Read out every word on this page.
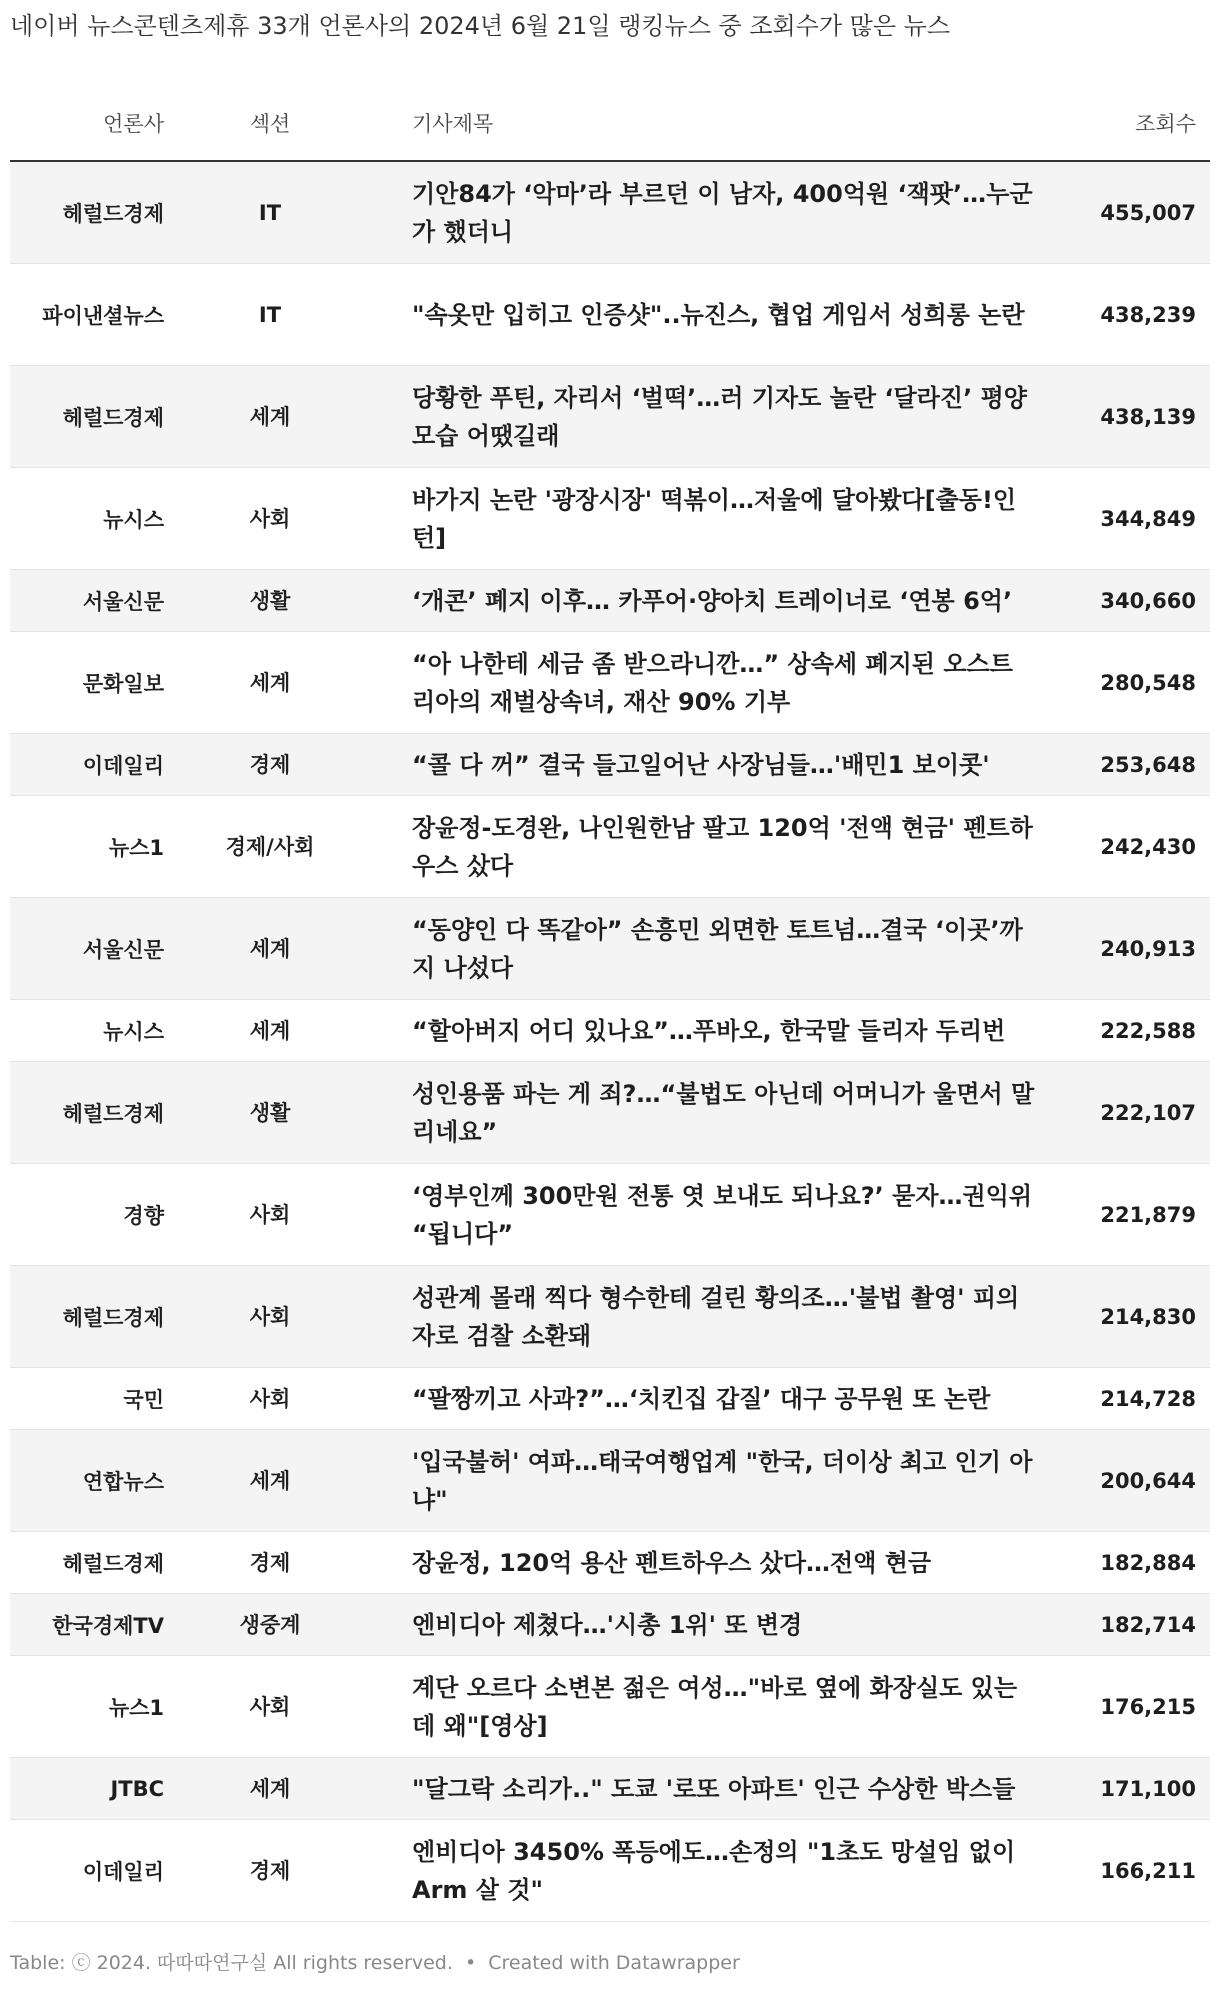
네이버 뉴스콘텐츠제휴 33개 언론사의 2024년 6월 21일 랭킹뉴스 중 조회수가 많은 뉴스
언론사	섹션	기사제목	조회수
헤럴드경제	IT	기안84가 ‘악마’라 부르던 이 남자, 400억원 ‘잭팟’…누군가 했더니	455,007
파이낸셜뉴스	IT	"속옷만 입히고 인증샷"..뉴진스, 협업 게임서 성희롱 논란	438,239
헤럴드경제	세계	당황한 푸틴, 자리서 ‘벌떡’…러 기자도 놀란 ‘달라진’ 평양 모습 어땠길래	438,139
뉴시스	사회	바가지 논란 '광장시장' 떡볶이…저울에 달아봤다[출동!인턴]	344,849
서울신문	생활	‘개콘’ 폐지 이후… 카푸어·양아치 트레이너로 ‘연봉 6억’	340,660
문화일보	세계	“아 나한테 세금 좀 받으라니깐…” 상속세 폐지된 오스트리아의 재벌상속녀, 재산 90% 기부	280,548
이데일리	경제	“콜 다 꺼” 결국 들고일어난 사장님들…'배민1 보이콧'	253,648
뉴스1	경제/사회	장윤정-도경완, 나인원한남 팔고 120억 '전액 현금' 펜트하우스 샀다	242,430
서울신문	세계	“동양인 다 똑같아” 손흥민 외면한 토트넘…결국 ‘이곳’까지 나섰다	240,913
뉴시스	세계	“할아버지 어디 있나요”…푸바오, 한국말 들리자 두리번	222,588
헤럴드경제	생활	성인용품 파는 게 죄?…“불법도 아닌데 어머니가 울면서 말리네요”	222,107
경향	사회	‘영부인께 300만원 전통 엿 보내도 되나요?’ 묻자…권익위 “됩니다”	221,879
헤럴드경제	사회	성관계 몰래 찍다 형수한테 걸린 황의조…'불법 촬영' 피의자로 검찰 소환돼	214,830
국민	사회	“팔짱끼고 사과?”…‘치킨집 갑질’ 대구 공무원 또 논란	214,728
연합뉴스	세계	'입국불허' 여파…태국여행업계 "한국, 더이상 최고 인기 아냐"	200,644
헤럴드경제	경제	장윤정, 120억 용산 펜트하우스 샀다…전액 현금	182,884
한국경제TV	생중계	엔비디아 제쳤다…'시총 1위' 또 변경	182,714
뉴스1	사회	계단 오르다 소변본 젊은 여성…"바로 옆에 화장실도 있는데 왜"[영상]	176,215
JTBC	세계	"달그락 소리가.." 도쿄 '로또 아파트' 인근 수상한 박스들	171,100
이데일리	경제	엔비디아 3450% 폭등에도…손정의 "1초도 망설임 없이 Arm 살 것"	166,211
Table: ⓒ 2024. 따따따연구실 All rights reserved. • Created with Datawrapper
